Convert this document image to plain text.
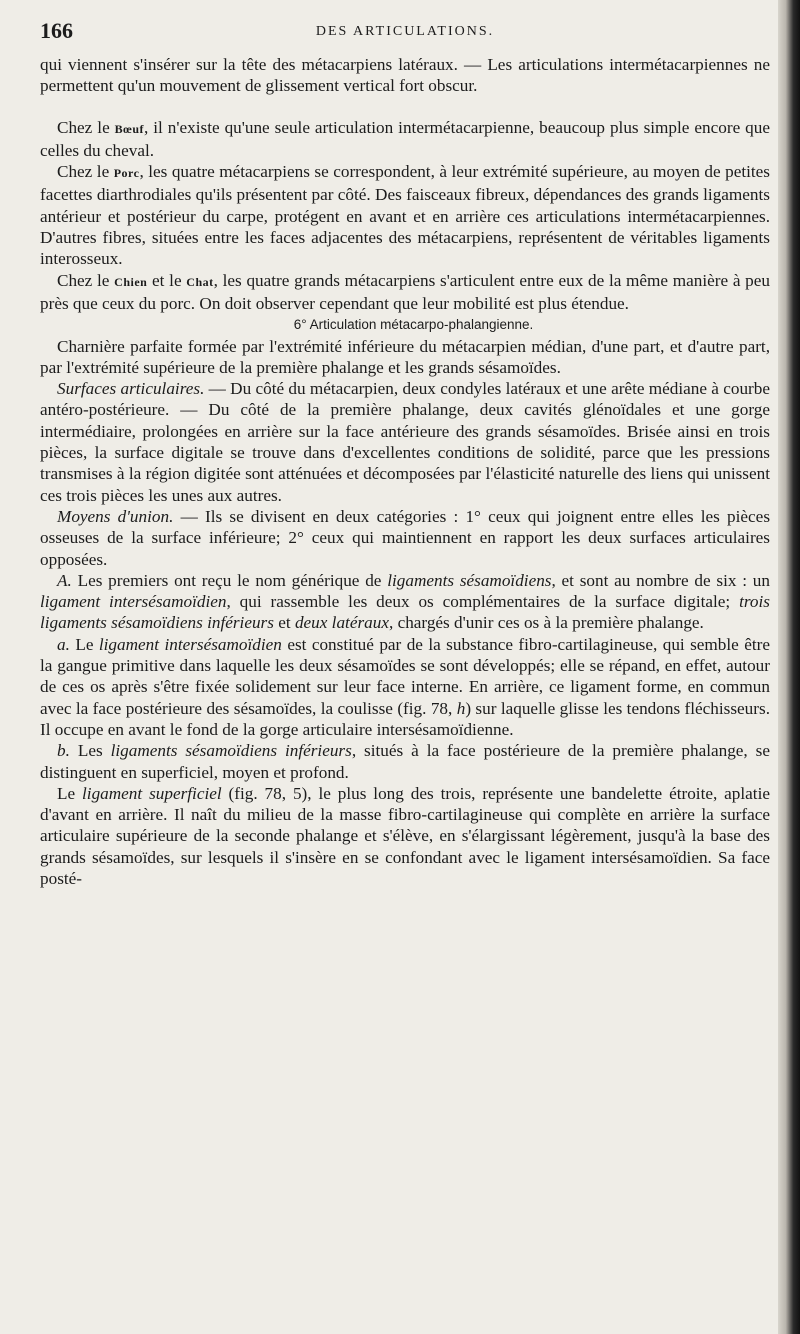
166	DES ARTICULATIONS.

qui viennent s'insérer sur la tête des métacarpiens latéraux. — Les articulations intermétacarpiennes ne permettent qu'un mouvement de glissement vertical fort obscur.

Chez le Bœuf, il n'existe qu'une seule articulation intermétacarpienne, beaucoup plus simple encore que celles du cheval.

Chez le Porc, les quatre métacarpiens se correspondent, à leur extrémité supérieure, au moyen de petites facettes diarthrodiales qu'ils présentent par côté. Des faisceaux fibreux, dépendances des grands ligaments antérieur et postérieur du carpe, protégent en avant et en arrière ces articulations intermétacarpiennes. D'autres fibres, situées entre les faces adjacentes des métacarpiens, représentent de véritables ligaments interosseux.

Chez le Chien et le Chat, les quatre grands métacarpiens s'articulent entre eux de la même manière à peu près que ceux du porc. On doit observer cependant que leur mobilité est plus étendue.

6° Articulation métacarpo-phalangienne.

Charnière parfaite formée par l'extrémité inférieure du métacarpien médian, d'une part, et d'autre part, par l'extrémité supérieure de la première phalange et les grands sésamoïdes.

Surfaces articulaires. — Du côté du métacarpien, deux condyles latéraux et une arête médiane à courbe antéro-postérieure. — Du côté de la première phalange, deux cavités glénoïdales et une gorge intermédiaire, prolongées en arrière sur la face antérieure des grands sésamoïdes. Brisée ainsi en trois pièces, la surface digitale se trouve dans d'excellentes conditions de solidité, parce que les pressions transmises à la région digitée sont atténuées et décomposées par l'élasticité naturelle des liens qui unissent ces trois pièces les unes aux autres.

Moyens d'union. — Ils se divisent en deux catégories : 1° ceux qui joignent entre elles les pièces osseuses de la surface inférieure; 2° ceux qui maintiennent en rapport les deux surfaces articulaires opposées.

A. Les premiers ont reçu le nom générique de ligaments sésamoïdiens, et sont au nombre de six : un ligament intersésamoïdien, qui rassemble les deux os complémentaires de la surface digitale; trois ligaments sésamoïdiens inférieurs et deux latéraux, chargés d'unir ces os à la première phalange.

a. Le ligament intersésamoïdien est constitué par de la substance fibro-cartilagineuse, qui semble être la gangue primitive dans laquelle les deux sésamoïdes se sont développés; elle se répand, en effet, autour de ces os après s'être fixée solidement sur leur face interne. En arrière, ce ligament forme, en commun avec la face postérieure des sésamoïdes, la coulisse (fig. 78, h) sur laquelle glisse les tendons fléchisseurs. Il occupe en avant le fond de la gorge articulaire intersésamoïdienne.

b. Les ligaments sésamoïdiens inférieurs, situés à la face postérieure de la première phalange, se distinguent en superficiel, moyen et profond.

Le ligament superficiel (fig. 78, 5), le plus long des trois, représente une bandelette étroite, aplatie d'avant en arrière. Il naît du milieu de la masse fibro-cartilagineuse qui complète en arrière la surface articulaire supérieure de la seconde phalange et s'élève, en s'élargissant légèrement, jusqu'à la base des grands sésamoïdes, sur lesquels il s'insère en se confondant avec le ligament intersésamoïdien. Sa face posté-
